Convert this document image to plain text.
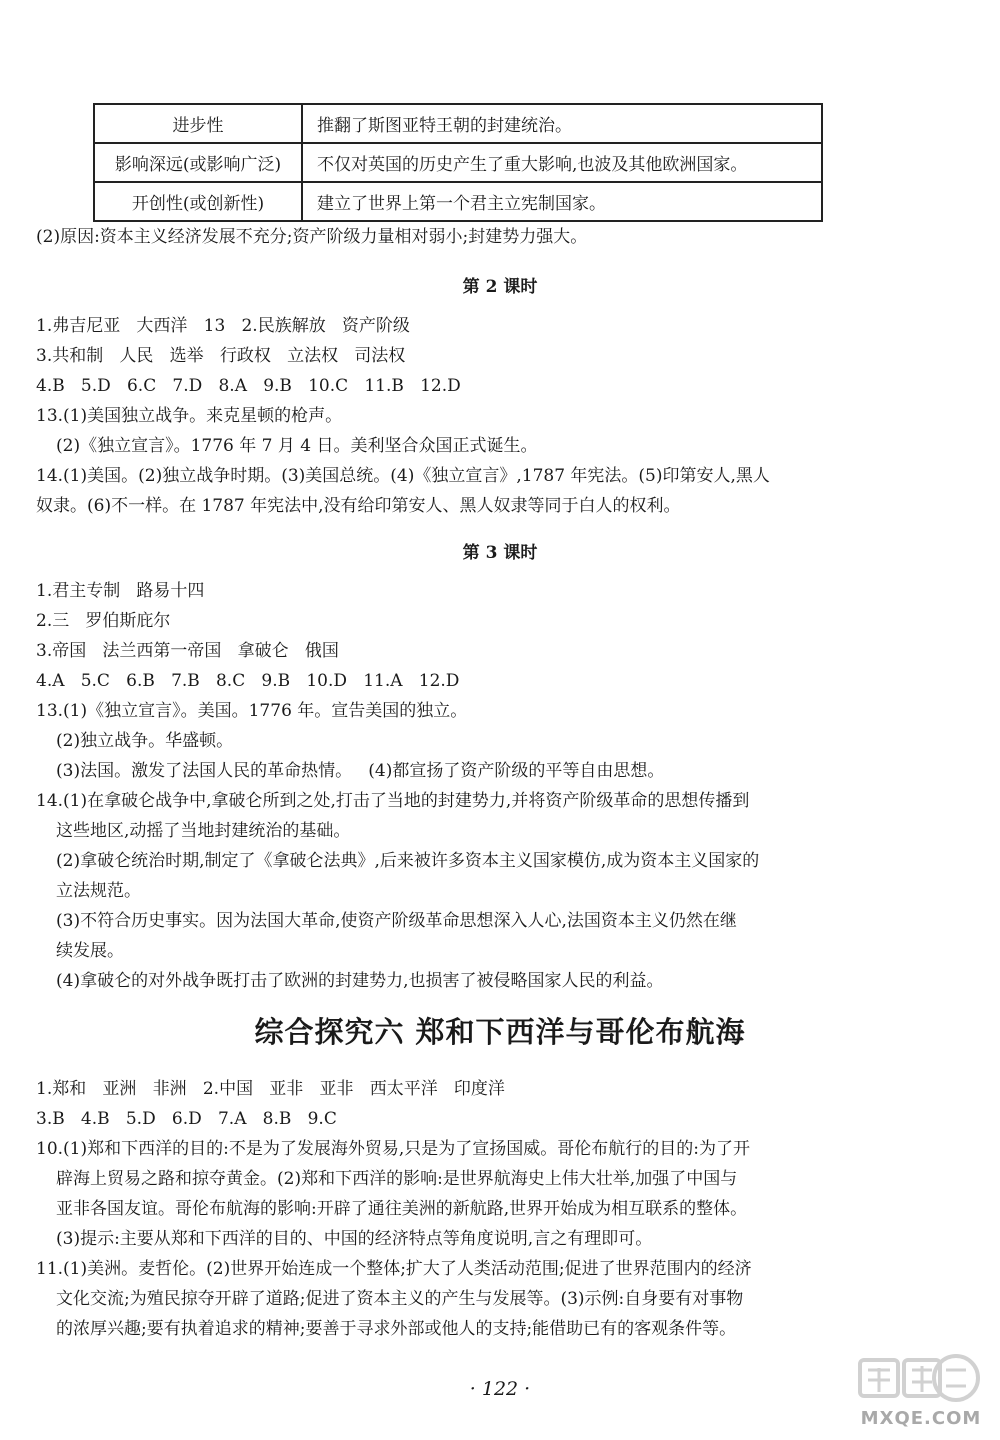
进步性	推翻了斯图亚特王朝的封建统治。
影响深远(或影响广泛)	不仅对英国的历史产生了重大影响,也波及其他欧洲国家。
开创性(或创新性)	建立了世界上第一个君主立宪制国家。
(2)原因:资本主义经济发展不充分;资产阶级力量相对弱小;封建势力强大。
第 2 课时
1.弗吉尼亚   大西洋   13   2.民族解放   资产阶级
3.共和制   人民   选举   行政权   立法权   司法权
4.B   5.D   6.C   7.D   8.A   9.B   10.C   11.B   12.D
13.(1)美国独立战争。来克星顿的枪声。
(2)《独立宣言》。1776 年 7 月 4 日。美利坚合众国正式诞生。
14.(1)美国。(2)独立战争时期。(3)美国总统。(4)《独立宣言》,1787 年宪法。(5)印第安人,黑人
奴隶。(6)不一样。在 1787 年宪法中,没有给印第安人、黑人奴隶等同于白人的权利。
第 3 课时
1.君主专制   路易十四
2.三   罗伯斯庇尔
3.帝国   法兰西第一帝国   拿破仑   俄国
4.A   5.C   6.B   7.B   8.C   9.B   10.D   11.A   12.D
13.(1)《独立宣言》。美国。1776 年。宣告美国的独立。
(2)独立战争。华盛顿。
(3)法国。激发了法国人民的革命热情。   (4)都宣扬了资产阶级的平等自由思想。
14.(1)在拿破仑战争中,拿破仑所到之处,打击了当地的封建势力,并将资产阶级革命的思想传播到
这些地区,动摇了当地封建统治的基础。
(2)拿破仑统治时期,制定了《拿破仑法典》,后来被许多资本主义国家模仿,成为资本主义国家的
立法规范。
(3)不符合历史事实。因为法国大革命,使资产阶级革命思想深入人心,法国资本主义仍然在继
续发展。
(4)拿破仑的对外战争既打击了欧洲的封建势力,也损害了被侵略国家人民的利益。
综合探究六 郑和下西洋与哥伦布航海
1.郑和   亚洲   非洲   2.中国   亚非   亚非   西太平洋   印度洋
3.B   4.B   5.D   6.D   7.A   8.B   9.C
10.(1)郑和下西洋的目的:不是为了发展海外贸易,只是为了宣扬国威。哥伦布航行的目的:为了开
辟海上贸易之路和掠夺黄金。(2)郑和下西洋的影响:是世界航海史上伟大壮举,加强了中国与
亚非各国友谊。哥伦布航海的影响:开辟了通往美洲的新航路,世界开始成为相互联系的整体。
(3)提示:主要从郑和下西洋的目的、中国的经济特点等角度说明,言之有理即可。
11.(1)美洲。麦哲伦。(2)世界开始连成一个整体;扩大了人类活动范围;促进了世界范围内的经济
文化交流;为殖民掠夺开辟了道路;促进了资本主义的产生与发展等。(3)示例:自身要有对事物
的浓厚兴趣;要有执着追求的精神;要善于寻求外部或他人的支持;能借助已有的客观条件等。
· 122 ·
MXQE.COM
